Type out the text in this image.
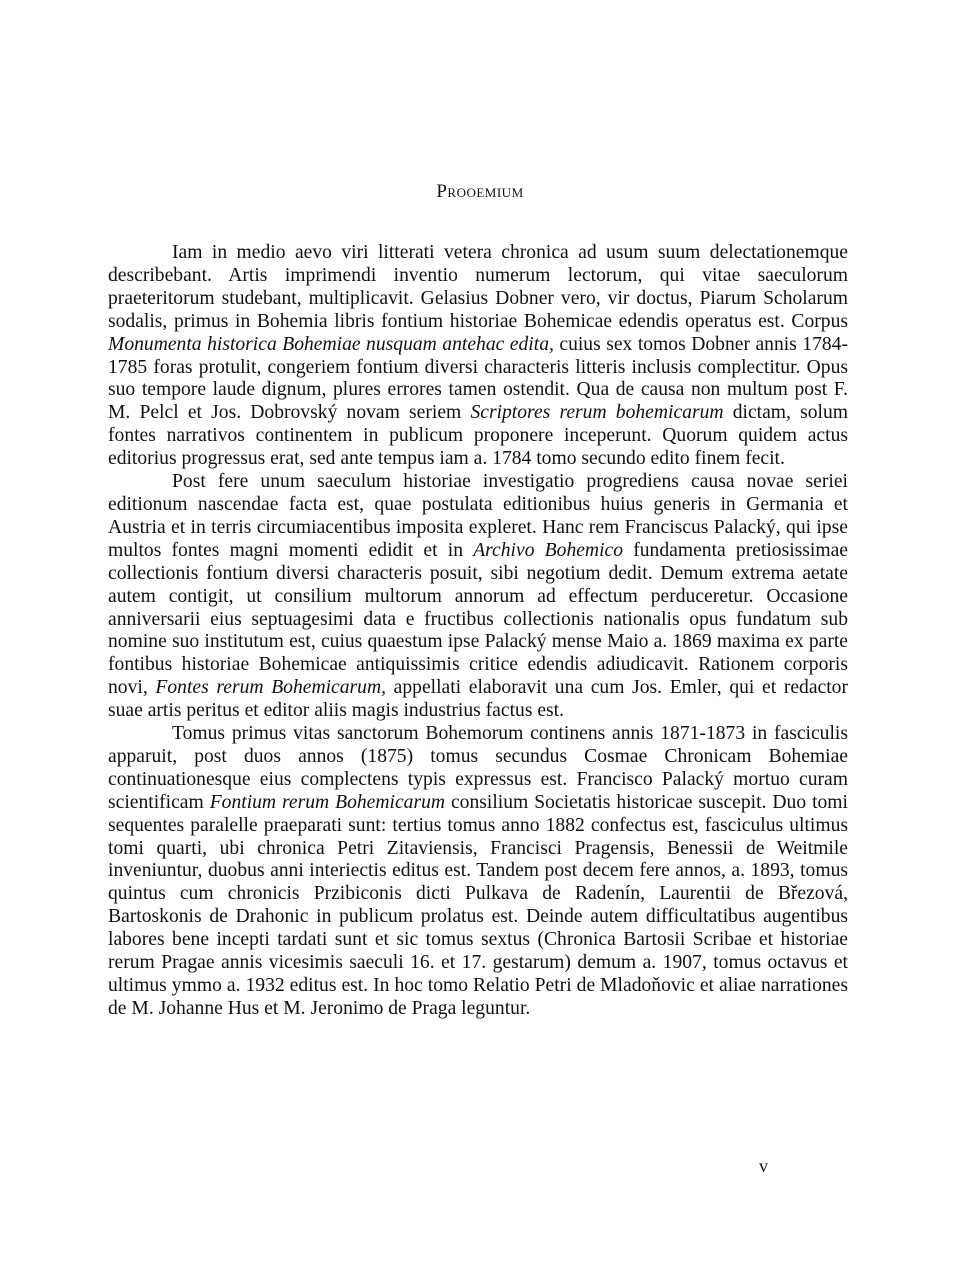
Prooemium

Iam in medio aevo viri litterati vetera chronica ad usum suum delectationemque describebant. Artis imprimendi inventio numerum lectorum, qui vitae saeculorum praeteritorum studebant, multiplicavit. Gelasius Dobner vero, vir doctus, Piarum Scholarum sodalis, primus in Bohemia libris fontium historiae Bohemicae edendis operatus est. Corpus Monumenta historica Bohemiae nusquam antehac edita, cuius sex tomos Dobner annis 1784-1785 foras protulit, congeriem fontium diversi characteris litteris inclusis complectitur. Opus suo tempore laude dignum, plures errores tamen ostendit. Qua de causa non multum post F. M. Pelcl et Jos. Dobrovský novam seriem Scriptores rerum bohemicarum dictam, solum fontes narrativos continentem in publicum proponere inceperunt. Quorum quidem actus editorius progressus erat, sed ante tempus iam a. 1784 tomo secundo edito finem fecit.

Post fere unum saeculum historiae investigatio progrediens causa novae seriei editionum nascendae facta est, quae postulata editionibus huius generis in Germania et Austria et in terris circumiacentibus imposita expleret. Hanc rem Franciscus Palacký, qui ipse multos fontes magni momenti edidit et in Archivo Bohemico fundamenta pretiosissimae collectionis fontium diversi characteris posuit, sibi negotium dedit. Demum extrema aetate autem contigit, ut consilium multorum annorum ad effectum perduceretur. Occasione anniversarii eius septuagesimi data e fructibus collectionis nationalis opus fundatum sub nomine suo institutum est, cuius quaestum ipse Palacký mense Maio a. 1869 maxima ex parte fontibus historiae Bohemicae antiquissimis critice edendis adiudicavit. Rationem corporis novi, Fontes rerum Bohemicarum, appellati elaboravit una cum Jos. Emler, qui et redactor suae artis peritus et editor aliis magis industrius factus est.

Tomus primus vitas sanctorum Bohemorum continens annis 1871-1873 in fasciculis apparuit, post duos annos (1875) tomus secundus Cosmae Chronicam Bohemiae continuationesque eius complectens typis expressus est. Francisco Palacký mortuo curam scientificam Fontium rerum Bohemicarum consilium Societatis historicae suscepit. Duo tomi sequentes paralelle praeparati sunt: tertius tomus anno 1882 confectus est, fasciculus ultimus tomi quarti, ubi chronica Petri Zitaviensis, Francisci Pragensis, Benessii de Weitmile inveniuntur, duobus anni interiectis editus est. Tandem post decem fere annos, a. 1893, tomus quintus cum chronicis Przibiconis dicti Pulkava de Radenín, Laurentii de Březová, Bartoskonis de Drahonic in publicum prolatus est. Deinde autem difficultatibus augentibus labores bene incepti tardati sunt et sic tomus sextus (Chronica Bartosii Scribae et historiae rerum Pragae annis vicesimis saeculi 16. et 17. gestarum) demum a. 1907, tomus octavus et ultimus ymmo a. 1932 editus est. In hoc tomo Relatio Petri de Mladoňovic et aliae narrationes de M. Johanne Hus et M. Jeronimo de Praga leguntur.

v
